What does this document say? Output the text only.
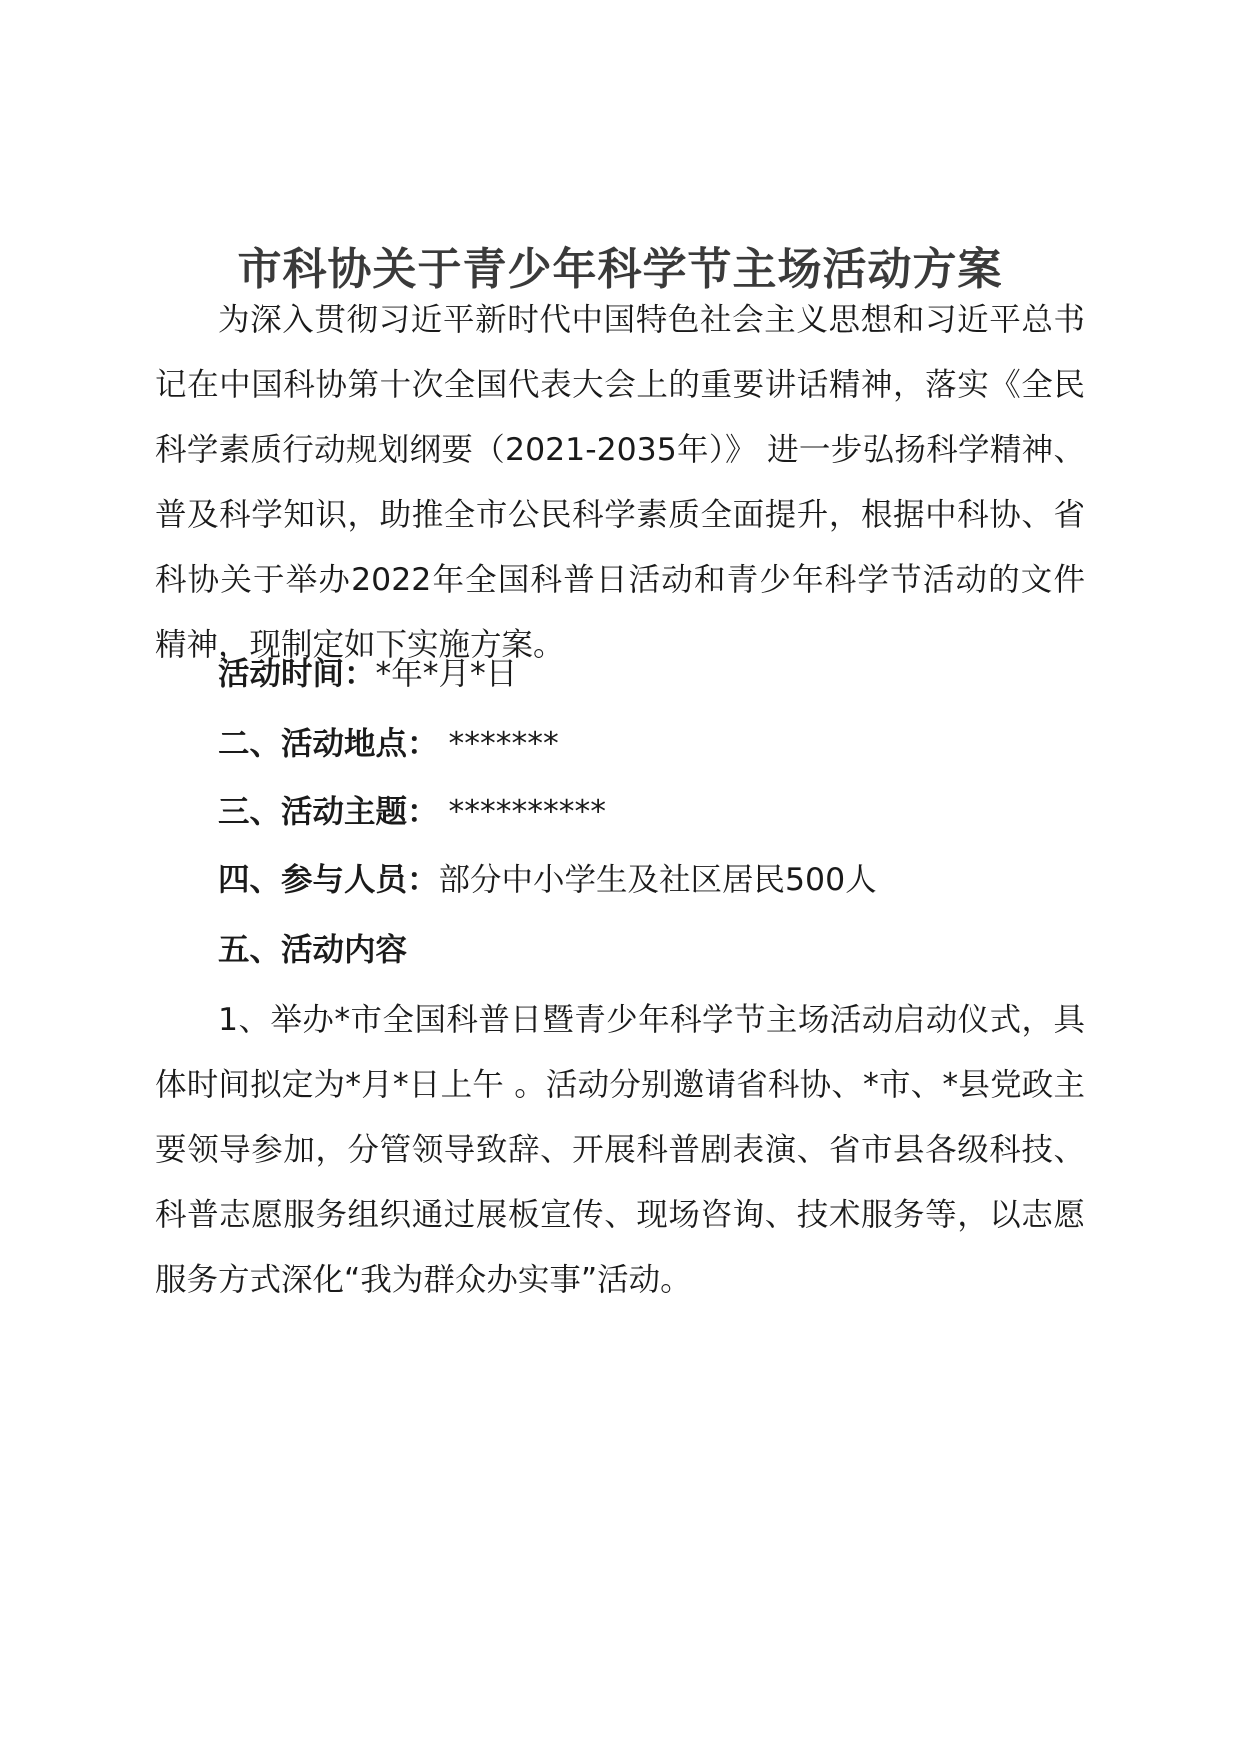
市科协关于青少年科学节主场活动方案

为深入贯彻习近平新时代中国特色社会主义思想和习近平总书记在中国科协第十次全国代表大会上的重要讲话精神，落实《全民科学素质行动规划纲要（2021-2035年）》 进一步弘扬科学精神、普及科学知识，助推全市公民科学素质全面提升，根据中科协、省科协关于举办2022年全国科普日活动和青少年科学节活动的文件精神，现制定如下实施方案。

活动时间：*年*月*日

二、活动地点： *******

三、活动主题： **********

四、参与人员：部分中小学生及社区居民500人

五、活动内容

1、举办*市全国科普日暨青少年科学节主场活动启动仪式，具体时间拟定为*月*日上午 。活动分别邀请省科协、*市、*县党政主要领导参加，分管领导致辞、开展科普剧表演、省市县各级科技、科普志愿服务组织通过展板宣传、现场咨询、技术服务等，以志愿服务方式深化“我为群众办实事”活动。
